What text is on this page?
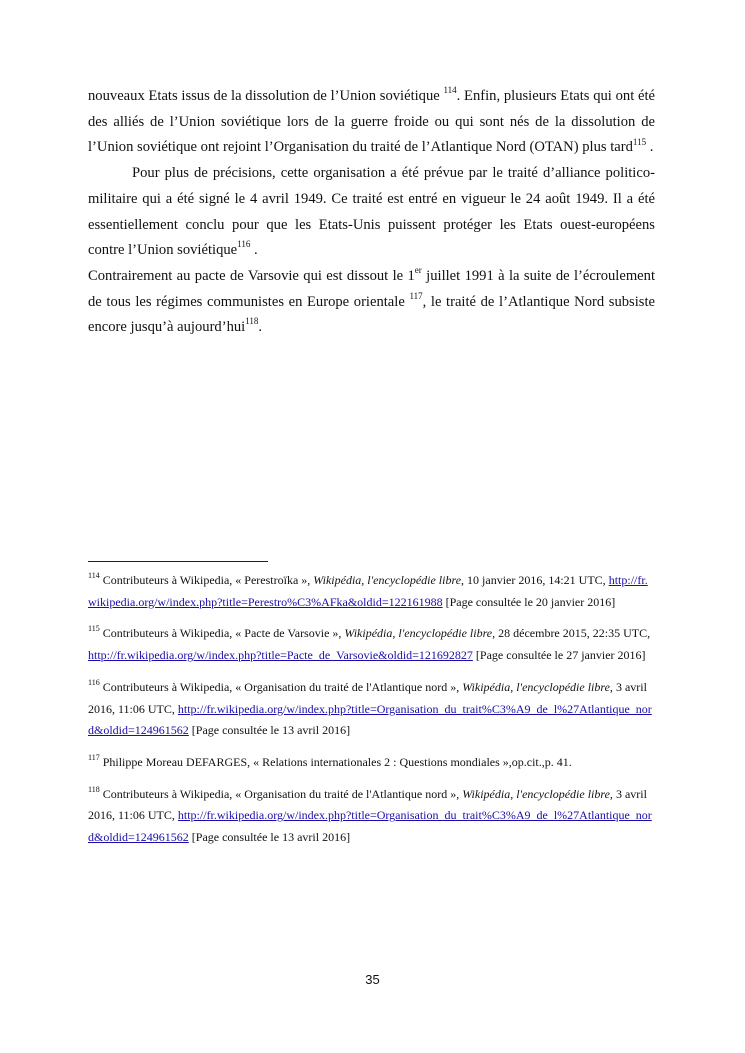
nouveaux Etats issus de la dissolution de l’Union soviétique $^{114}$. Enfin, plusieurs Etats qui ont été des alliés de l’Union soviétique lors de la guerre froide ou qui sont nés de la dissolution de l’Union soviétique ont rejoint l’Organisation du traité de l’Atlantique Nord (OTAN) plus tard$^{115}$ .

Pour plus de précisions, cette organisation a été prévue par le traité d’alliance politico-militaire qui a été signé le 4 avril 1949. Ce traité est entré en vigueur le 24 août 1949. Il a été essentiellement conclu pour que les Etats-Unis puissent protéger les Etats ouest-européens contre l’Union soviétique$^{116}$ .

Contrairement au pacte de Varsovie qui est dissout le 1er juillet 1991 à la suite de l’écroulement de tous les régimes communistes en Europe orientale $^{117}$, le traité de l’Atlantique Nord subsiste encore jusqu’à aujourd’hui$^{118}$.

$^{114}$ Contributeurs à Wikipedia, « Perestroïka », Wikipédia, l'encyclopédie libre, 10 janvier 2016, 14:21 UTC, http://fr.wikipedia.org/w/index.php?title=Perestro%C3%AFka&oldid=122161988 [Page consultée le 20 janvier 2016]

$^{115}$ Contributeurs à Wikipedia, « Pacte de Varsovie », Wikipédia, l'encyclopédie libre, 28 décembre 2015, 22:35 UTC, http://fr.wikipedia.org/w/index.php?title=Pacte_de_Varsovie&oldid=121692827 [Page consultée le 27 janvier 2016]

$^{116}$ Contributeurs à Wikipedia, « Organisation du traité de l'Atlantique nord », Wikipédia, l'encyclopédie libre, 3 avril 2016, 11:06 UTC, http://fr.wikipedia.org/w/index.php?title=Organisation_du_trait%C3%A9_de_l%27Atlantique_nord&oldid=124961562 [Page consultée le 13 avril 2016]

$^{117}$ Philippe Moreau DEFARGES, « Relations internationales 2 : Questions mondiales »,op.cit.,p. 41.

$^{118}$ Contributeurs à Wikipedia, « Organisation du traité de l'Atlantique nord », Wikipédia, l'encyclopédie libre, 3 avril 2016, 11:06 UTC, http://fr.wikipedia.org/w/index.php?title=Organisation_du_trait%C3%A9_de_l%27Atlantique_nord&oldid=124961562 [Page consultée le 13 avril 2016]

35
